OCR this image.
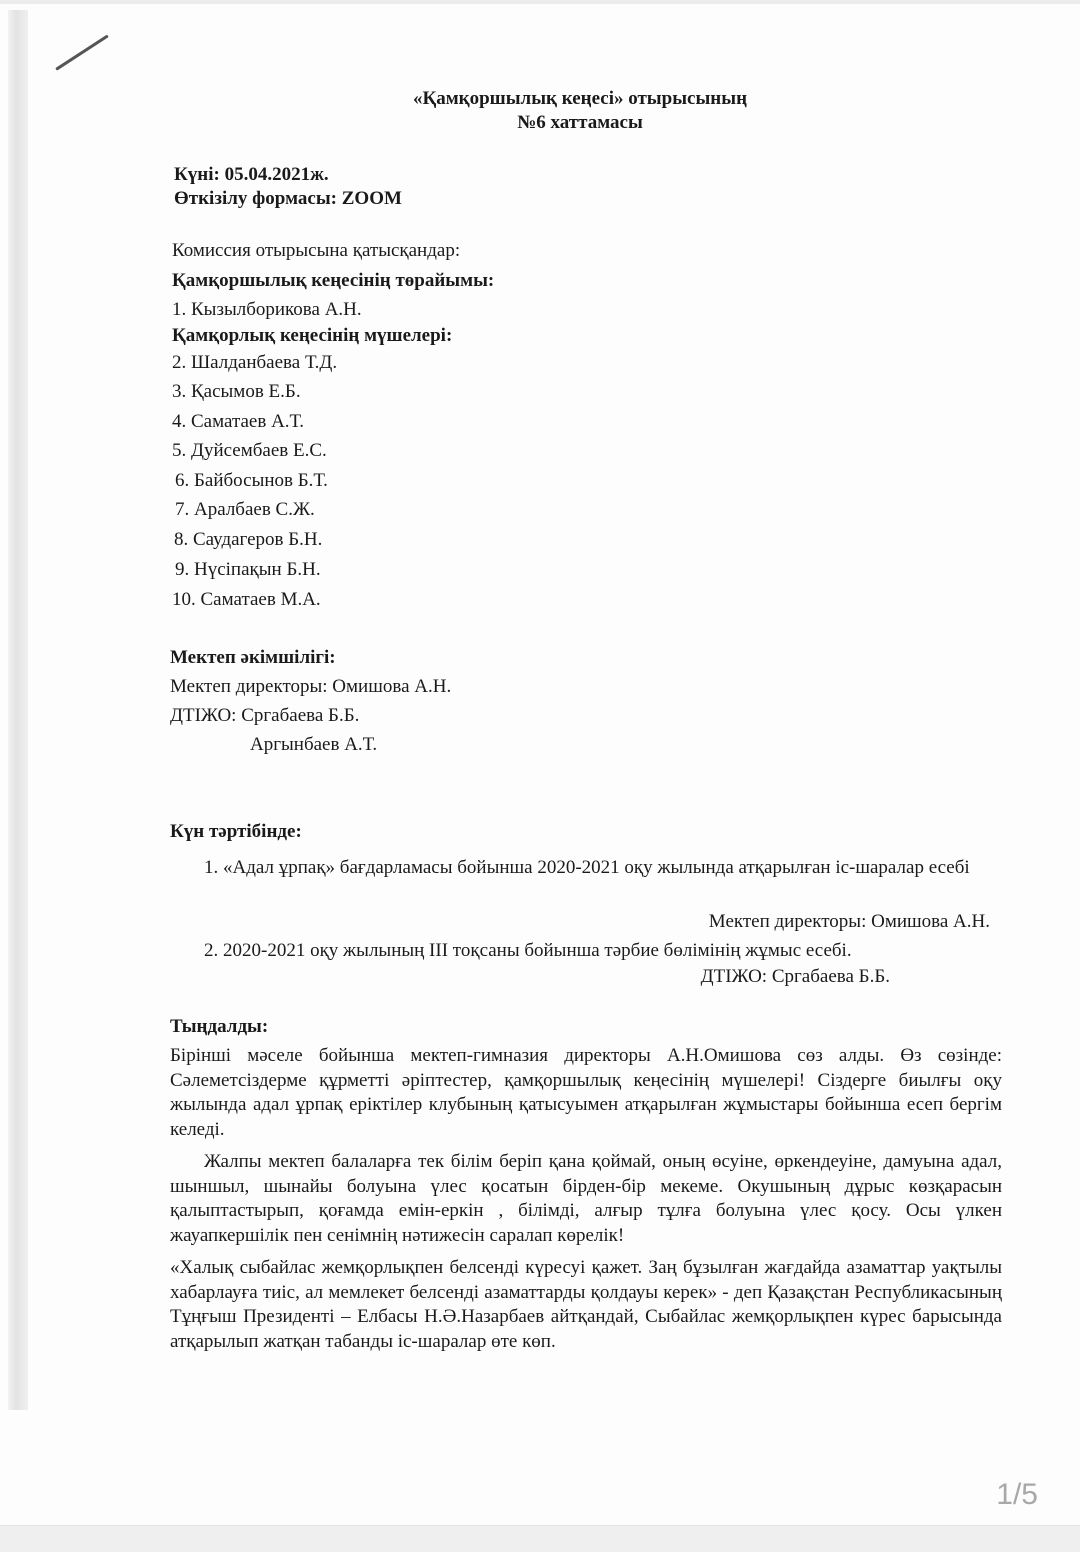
«Қамқоршылық кеңесі» отырысының
№6 хаттамасы
Күні: 05.04.2021ж.
Өткізілу формасы: ZOOM
Комиссия отырысына қатысқандар:
Қамқоршылық кеңесінің төрайымы:
1. Кызылборикова А.Н.
Қамқорлық кеңесінің мүшелері:
2. Шалданбаева Т.Д.
3. Қасымов Е.Б.
4. Саматаев А.Т.
5. Дуйсембаев Е.С.
6. Байбосынов Б.Т.
7. Аралбаев С.Ж.
8. Саудагеров Б.Н.
9. Нүсіпақын Б.Н.
10. Саматаев М.А.
Мектеп әкімшілігі:
Мектеп директоры: Омишова А.Н.
ДТІЖО: Сргабаева Б.Б.
Аргынбаев А.Т.
Күн тәртібінде:
1. «Адал ұрпақ» бағдарламасы бойынша 2020-2021 оқу жылында атқарылған іс-шаралар есебі
Мектеп директоры: Омишова А.Н.
2. 2020-2021 оқу жылының ІІІ тоқсаны бойынша тәрбие бөлімінің жұмыс есебі.
ДТІЖО: Сргабаева Б.Б.
Тыңдалды:
Бірінші мәселе бойынша мектеп-гимназия директоры А.Н.Омишова сөз алды. Өз сөзінде: Сәлеметсіздерме құрметті әріптестер, қамқоршылық кеңесінің мүшелері! Сіздерге биылғы оқу жылында адал ұрпақ еріктілер клубының қатысуымен атқарылған жұмыстары бойынша есеп бергім келеді.
Жалпы мектеп балаларға тек білім беріп қана қоймай, оның өсуіне, өркендеуіне, дамуына адал, шыншыл, шынайы болуына үлес қосатын бірден-бір мекеме. Окушының дұрыс көзқарасын қалыптастырып, қоғамда емін-еркін , білімді, алғыр тұлға болуына үлес қосу. Осы үлкен жауапкершілік пен сенімнің нәтижесін саралап көрелік!
«Халық сыбайлас жемқорлықпен белсенді күресуі қажет. Заң бұзылған жағдайда азаматтар уақтылы хабарлауға тиіс, ал мемлекет белсенді азаматтарды қолдауы керек» - деп Қазақстан Республикасының Тұңғыш Президенті – Елбасы Н.Ә.Назарбаев айтқандай, Сыбайлас жемқорлықпен күрес барысында атқарылып жатқан табанды іс-шаралар өте көп.
1/5
